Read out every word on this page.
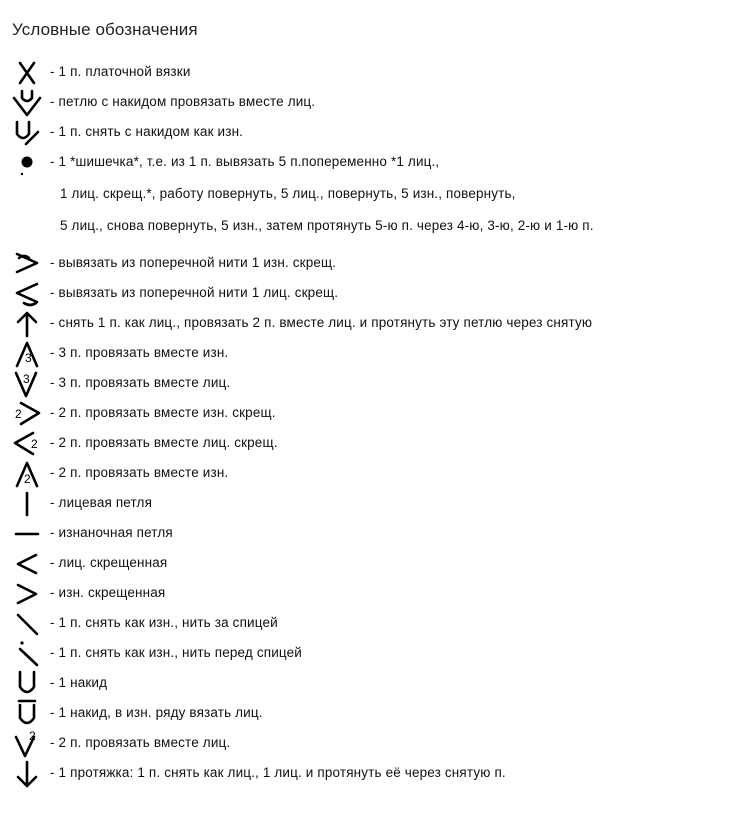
Условные обозначения
- 1 п. платочной вязки
- петлю с накидом провязать вместе лиц.
- 1 п. снять с накидом как изн.
- 1 *шишечка*, т.е. из 1 п. вывязать 5 п.попеременно *1 лиц.,
1 лиц. скрещ.*, работу повернуть, 5 лиц., повернуть, 5 изн., повернуть,
5 лиц., снова повернуть, 5 изн., затем протянуть 5-ю п. через 4-ю, 3-ю, 2-ю и 1-ю п.
- вывязать из поперечной нити 1 изн. скрещ.
- вывязать из поперечной нити 1 лиц. скрещ.
- снять 1 п. как лиц., провязать 2 п. вместе лиц. и протянуть эту петлю через снятую
3 - 3 п. провязать вместе изн.
3 - 3 п. провязать вместе лиц.
2 - 2 п. провязать вместе изн. скрещ.
2 - 2 п. провязать вместе лиц. скрещ.
2 - 2 п. провязать вместе изн.
- лицевая петля
- изнаночная петля
- лиц. скрещенная
- изн. скрещенная
- 1 п. снять как изн., нить за спицей
- 1 п. снять как изн., нить перед спицей
- 1 накид
- 1 накид, в изн. ряду вязать лиц.
2 - 2 п. провязать вместе лиц.
- 1 протяжка: 1 п. снять как лиц., 1 лиц. и протянуть её через снятую п.
